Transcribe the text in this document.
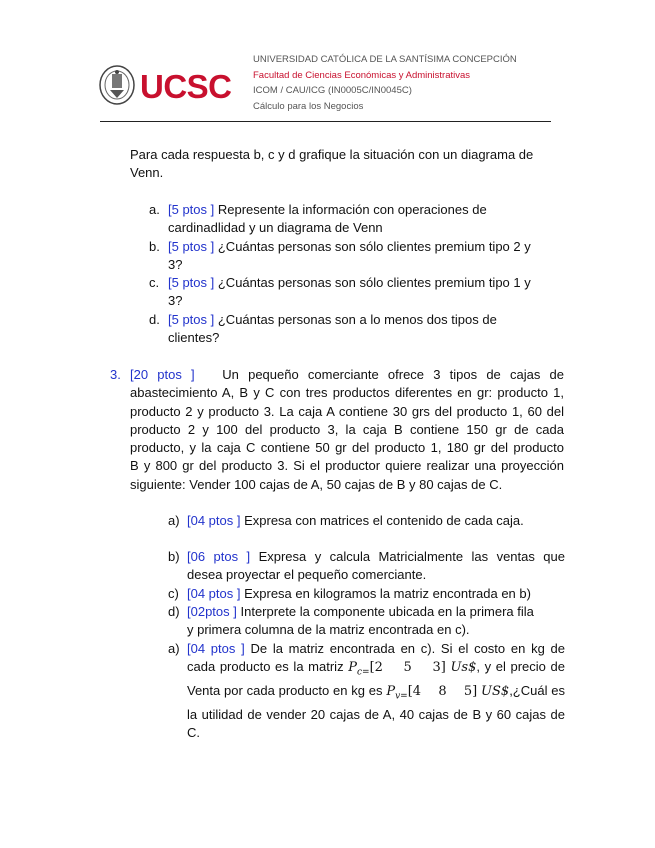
UCSC
UNIVERSIDAD CATÓLICA DE LA SANTÍSIMA CONCEPCIÓN
Facultad de Ciencias Económicas y Administrativas
ICOM / CAU/ICG (IN0005C/IN0045C)
Cálculo para los Negocios
Para cada respuesta b, c y d grafique la situación con un diagrama de
Venn.
a. [5 ptos ] Represente la información con operaciones de
cardinadlidad y un diagrama de Venn
b. [5 ptos ] ¿Cuántas personas son sólo clientes premium tipo 2 y
3?
c. [5 ptos ] ¿Cuántas personas son sólo clientes premium tipo 1 y
3?
d. [5 ptos ] ¿Cuántas personas son a lo menos dos tipos de
clientes?
3. [20 ptos ] Un pequeño comerciante ofrece 3 tipos de cajas de
abastecimiento A, B y C con tres productos diferentes en gr: producto 1,
producto 2 y producto 3. La caja A contiene 30 grs del producto 1, 60 del
producto 2 y 100 del producto 3, la caja B contiene 150 gr de cada
producto, y la caja C contiene 50 gr del producto 1, 180 gr del producto
B y 800 gr del producto 3. Si el productor quiere realizar una proyección
siguiente: Vender 100 cajas de A, 50 cajas de B y 80 cajas de C.
a) [04 ptos ] Expresa con matrices el contenido de cada caja.
b) [06 ptos ] Expresa y calcula Matricialmente las ventas que
desea proyectar el pequeño comerciante.
c) [04 ptos ] Expresa en kilogramos la matriz encontrada en b)
d) [02ptos ] Interprete la componente ubicada en la primera fila
y primera columna de la matriz encontrada en c).
a) [04 ptos ] De la matriz encontrada en c). Si el costo en kg de
cada producto es la matriz $P_{c=}[2$    5    3] Us$, y el precio de
Venta por cada producto en kg es $P_{v=}[4$    8    5] US$,¿Cuál es
la utilidad de vender 20 cajas de A, 40 cajas de B y 60 cajas de
C.
